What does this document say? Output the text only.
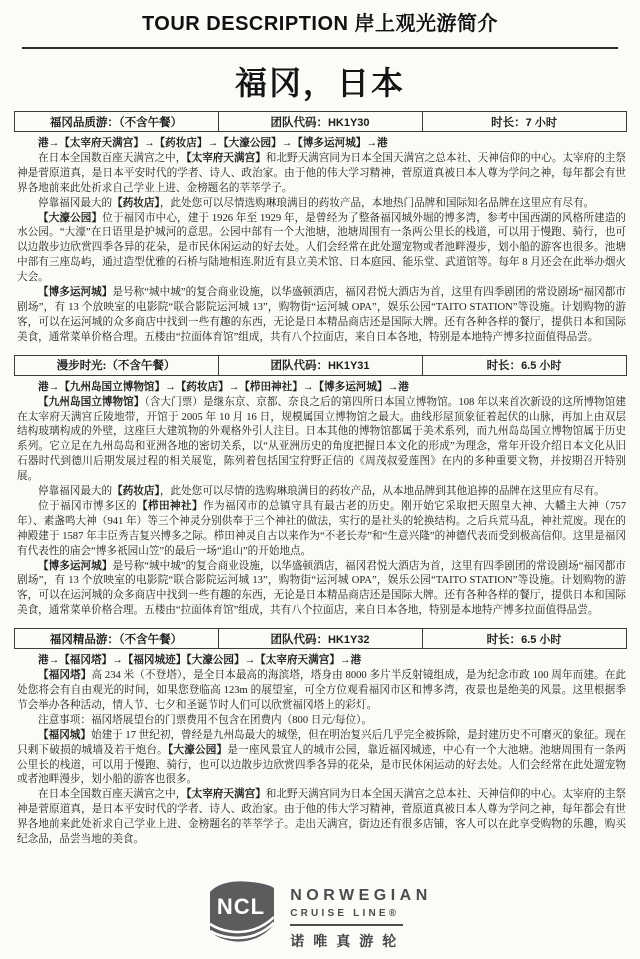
TOUR DESCRIPTION 岸上观光游简介
福冈，日本
福冈品质游：（不含午餐）	团队代码：HK1Y30	时长：7 小时

港→【太宰府天满宫】→【药妆店】→【大濠公园】→【博多运河城】→港

在日本全国数百座天满宫之中，【太宰府天满宫】和北野天满宫同为日本全国天满宫之总本社、天神信仰的中心。太宰府的主祭神是菅原道真，是日本平安时代的学者、诗人、政治家。由于他的伟大学习精神，菅原道真被日本人尊为学问之神，每年都会有世界各地前来此处祈求自己学业上进、金榜题名的莘莘学子。

停靠福冈最大的【药妆店】，此处您可以尽情选购琳琅满目的药妆产品，本地热门品牌和国际知名品牌在这里应有尽有。

【大濠公园】位于福冈市中心，建于 1926 年至 1929 年，是曾经为了整备福冈城外堀的博多湾，参考中国西湖的风格所建造的水公园。“大濠”在日语里是护城河的意思。公园中部有一个大池塘，池塘周围有一条两公里长的栈道，可以用于慢跑、骑行，也可以边散步边欣赏四季各异的花朵，是市民休闲运动的好去处。人们会经常在此处遛宠物或者池畔漫步，划小船的游客也很多。池塘中部有三座岛屿，通过造型优雅的石桥与陆地相连.附近有县立美术馆、日本庭园、能乐堂、武道馆等。每年 8 月还会在此举办烟火大会。

【博多运河城】是号称“城中城”的复合商业设施，以华盛顿酒店，福冈君悦大酒店为首，这里有四季剧团的常设剧场“福冈都市剧场”，有 13 个放映室的电影院“联合影院运河城 13”，购物街“运河城 OPA”，娱乐公园“TAITO STATION”等设施。计划购物的游客，可以在运河城的众多商店中找到一些有趣的东西，无论是日本精品商店还是国际大牌。还有各种各样的餐厅，提供日本和国际美食，通常菜单价格合理。五楼由“拉面体育馆”组成，共有八个拉面店，来自日本各地，特别是本地特产博多拉面值得品尝。

漫步时光:（不含午餐）	团队代码：HK1Y31	时长：6.5 小时

港→【九州岛国立博物馆】→【药妆店】→【栉田神社】→【博多运河城】→港

【九州岛国立博物馆】（含大门票）是继东京、京都、奈良之后的第四所日本国立博物馆。108 年以来首次新设的这所博物馆建在太宰府天满宫丘陵地带，开馆于 2005 年 10 月 16 日，规模属国立博物馆之最大。曲线形屋顶象征着起伏的山脉，再加上由双层结构玻璃构成的外壁，这座巨大建筑物的外观格外引人注目。日本其他的博物馆都属于美术系列，而九州岛岛国立博物馆属于历史系列。它立足在九州岛岛和亚洲各地的密切关系，以“从亚洲历史的角度把握日本文化的形成”为理念，常年开设介绍日本文化从旧石器时代到德川后期发展过程的相关展览，陈列着包括国宝狩野正信的《周茂叔爱莲图》在内的多种重要文物，并按期召开特别展。

停靠福冈最大的【药妆店】，此处您可以尽情的选购琳琅满目的药妆产品，从本地品牌到其他追捧的品牌在这里应有尽有。

位于福冈市博多区的【栉田神社】作为福冈市的总镇守具有最古老的历史。刚开始它采取把天照皇大神、大幡主大神（757 年）、素盏鸣大神（941 年）等三个神灵分别供奉于三个神社的做法，实行的是社头的轮换结构。之后兵荒马乱，神社荒废。现在的神殿建于 1587 年丰臣秀吉复兴博多之际。栉田神灵自古以来作为“不老长寿”和“生意兴隆”的神德代表而受到极高信仰。这里是福冈有代表性的庙会“博多祇园山笠”的最后一场“追山”的开始地点。

【博多运河城】是号称“城中城”的复合商业设施，以华盛顿酒店，福冈君悦大酒店为首，这里有四季剧团的常设剧场“福冈都市剧场”，有 13 个放映室的电影院“联合影院运河城 13”，购物街“运河城 OPA”，娱乐公园“TAITO STATION”等设施。计划购物的游客，可以在运河城的众多商店中找到一些有趣的东西，无论是日本精品商店还是国际大牌。还有各种各样的餐厅，提供日本和国际美食，通常菜单价格合理。五楼由“拉面体育馆”组成，共有八个拉面店，来自日本各地，特别是本地特产博多拉面值得品尝。

福冈精品游：（不含午餐）	团队代码：HK1Y32	时长：6.5 小时

港→【福冈塔】→【福冈城迹】【大濠公园】→【太宰府天满宫】→港

【福冈塔】高 234 米（不登塔），是全日本最高的海滨塔，塔身由 8000 多片半反射镜组成，是为纪念市政 100 周年而建。在此处您将会有自由观光的时间，如果您登临高 123m 的展望室，可全方位观看福冈市区和博多湾，夜景也是绝美的风景。这里根据季节会举办各种活动，情人节、七夕和圣诞节时人们可以欣赏福冈塔上的彩灯。

注意事项：福冈塔展望台的门票费用不包含在团费内（800 日元/每位）。

【福冈城】始建于 17 世纪初，曾经是九州岛最大的城堡，但在明治复兴后几乎完全被拆除，是封建历史不可磨灭的象征。现在只剩下破损的城墙及若干炮台。【大濠公园】是一座风景宜人的城市公园，靠近福冈城迹，中心有一个大池塘。池塘周围有一条两公里长的栈道，可以用于慢跑、骑行，也可以边散步边欣赏四季各异的花朵，是市民休闲运动的好去处。人们会经常在此处遛宠物或者池畔漫步，划小船的游客也很多。

在日本全国数百座天满宫之中，【太宰府天满宫】和北野天满宫同为日本全国天满宫之总本社、天神信仰的中心。太宰府的主祭神是菅原道真，是日本平安时代的学者、诗人、政治家。由于他的伟大学习精神，菅原道真被日本人尊为学问之神，每年都会有世界各地前来此处祈求自己学业上进、金榜题名的莘莘学子。走出天满宫，街边还有很多店铺，客人可以在此享受购物的乐趣，购买纪念品，品尝当地的美食。

NCL NORWEGIAN
CRUISE LINE®
诺唯真游轮
